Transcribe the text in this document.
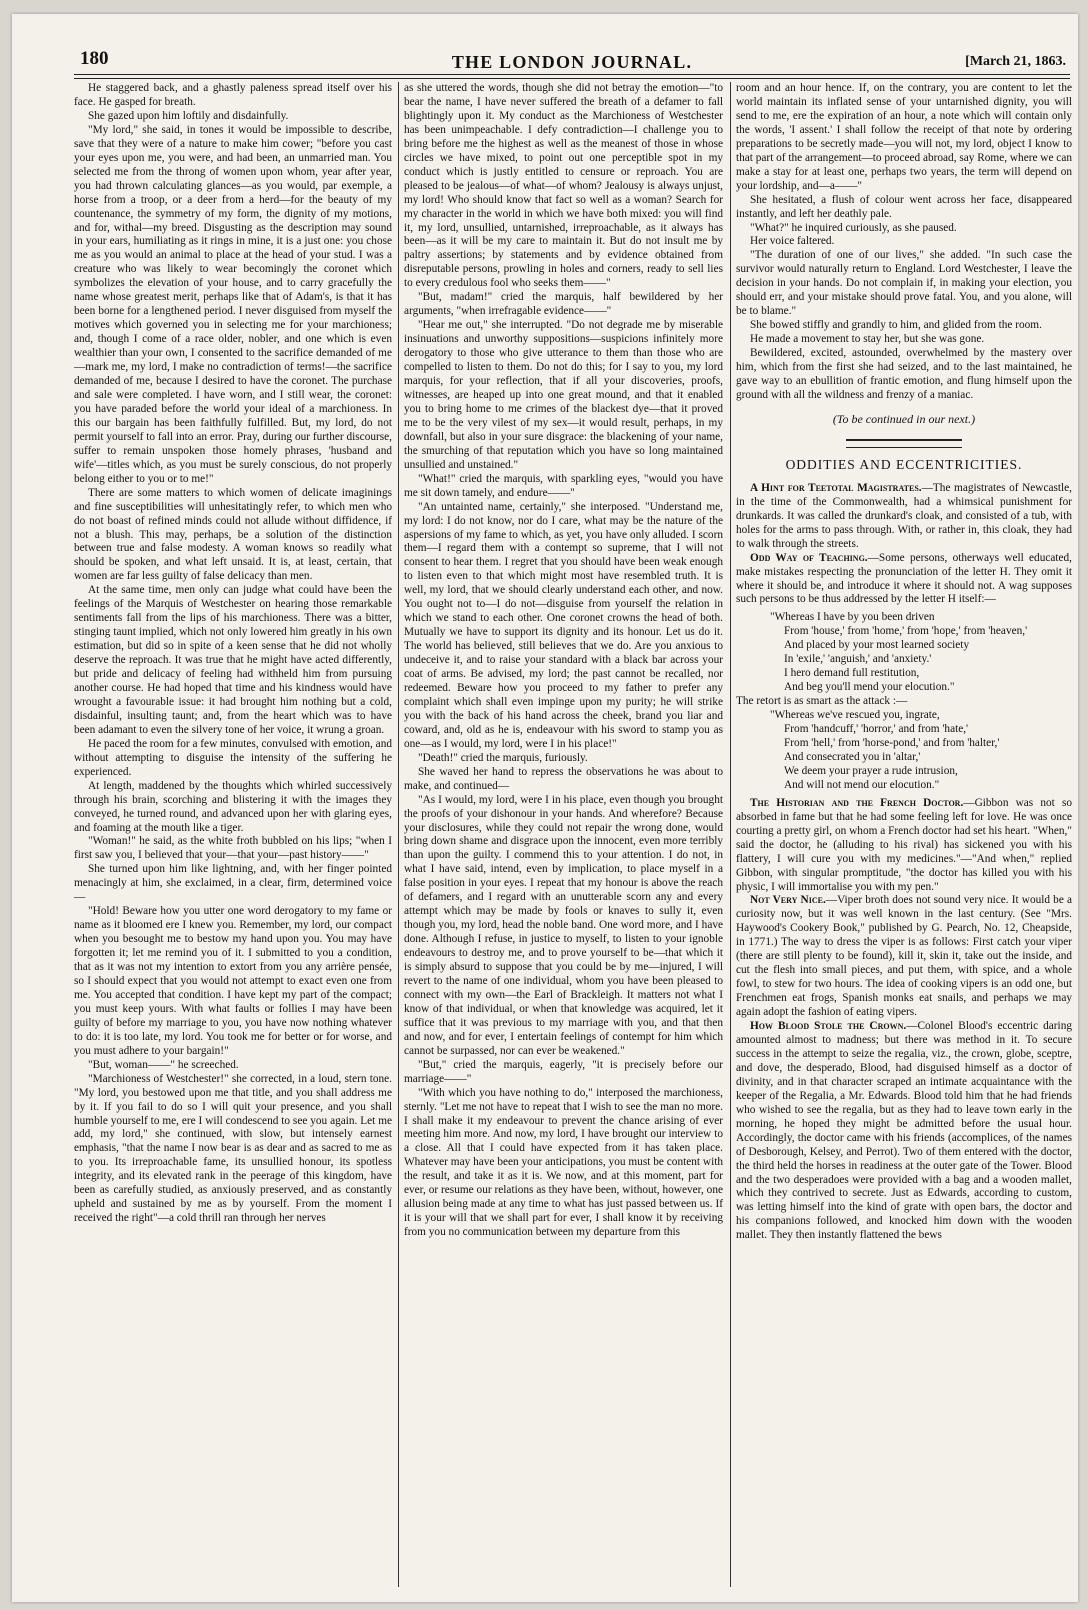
180	THE LONDON JOURNAL.	[March 21, 1863.

He staggered back, and a ghastly paleness spread itself over his face. He gasped for breath.

She gazed upon him loftily and disdainfully.

"My lord," she said, in tones it would be impossible to describe, save that they were of a nature to make him cower; "before you cast your eyes upon me, you were, and had been, an unmarried man. You selected me from the throng of women upon whom, year after year, you had thrown calculating glances—as you would, par exemple, a horse from a troop, or a deer from a herd—for the beauty of my countenance, the symmetry of my form, the dignity of my motions, and for, withal—my breed. Disgusting as the description may sound in your ears, humiliating as it rings in mine, it is a just one: you chose me as you would an animal to place at the head of your stud. I was a creature who was likely to wear becomingly the coronet which symbolizes the elevation of your house, and to carry gracefully the name whose greatest merit, perhaps like that of Adam's, is that it has been borne for a lengthened period. I never disguised from myself the motives which governed you in selecting me for your marchioness; and, though I come of a race older, nobler, and one which is even wealthier than your own, I consented to the sacrifice demanded of me—mark me, my lord, I make no contradiction of terms!—the sacrifice demanded of me, because I desired to have the coronet. The purchase and sale were completed. I have worn, and I still wear, the coronet: you have paraded before the world your ideal of a marchioness. In this our bargain has been faithfully fulfilled. But, my lord, do not permit yourself to fall into an error. Pray, during our further discourse, suffer to remain unspoken those homely phrases, 'husband and wife'—titles which, as you must be surely conscious, do not properly belong either to you or to me!"

There are some matters to which women of delicate imaginings and fine susceptibilities will unhesitatingly refer, to which men who do not boast of refined minds could not allude without diffidence, if not a blush. This may, perhaps, be a solution of the distinction between true and false modesty. A woman knows so readily what should be spoken, and what left unsaid. It is, at least, certain, that women are far less guilty of false delicacy than men.

At the same time, men only can judge what could have been the feelings of the Marquis of Westchester on hearing those remarkable sentiments fall from the lips of his marchioness. There was a bitter, stinging taunt implied, which not only lowered him greatly in his own estimation, but did so in spite of a keen sense that he did not wholly deserve the reproach. It was true that he might have acted differently, but pride and delicacy of feeling had withheld him from pursuing another course. He had hoped that time and his kindness would have wrought a favourable issue: it had brought him nothing but a cold, disdainful, insulting taunt; and, from the heart which was to have been adamant to even the silvery tone of her voice, it wrung a groan.

He paced the room for a few minutes, convulsed with emotion, and without attempting to disguise the intensity of the suffering he experienced.

At length, maddened by the thoughts which whirled successively through his brain, scorching and blistering it with the images they conveyed, he turned round, and advanced upon her with glaring eyes, and foaming at the mouth like a tiger.

"Woman!" he said, as the white froth bubbled on his lips; "when I first saw you, I believed that your—that your—past history——"

She turned upon him like lightning, and, with her finger pointed menacingly at him, she exclaimed, in a clear, firm, determined voice—

"Hold! Beware how you utter one word derogatory to my fame or name as it bloomed ere I knew you. Remember, my lord, our compact when you besought me to bestow my hand upon you. You may have forgotten it; let me remind you of it. I submitted to you a condition, that as it was not my intention to extort from you any arrière pensée, so I should expect that you would not attempt to exact even one from me. You accepted that condition. I have kept my part of the compact; you must keep yours. With what faults or follies I may have been guilty of before my marriage to you, you have now nothing whatever to do: it is too late, my lord. You took me for better or for worse, and you must adhere to your bargain!"

"But, woman——" he screeched.

"Marchioness of Westchester!" she corrected, in a loud, stern tone. "My lord, you bestowed upon me that title, and you shall address me by it. If you fail to do so I will quit your presence, and you shall humble yourself to me, ere I will condescend to see you again. Let me add, my lord," she continued, with slow, but intensely earnest emphasis, "that the name I now bear is as dear and as sacred to me as to you. Its irreproachable fame, its unsullied honour, its spotless integrity, and its elevated rank in the peerage of this kingdom, have been as carefully studied, as anxiously preserved, and as constantly upheld and sustained by me as by yourself. From the moment I received the right"—a cold thrill ran through her nerves

as she uttered the words, though she did not betray the emotion—"to bear the name, I have never suffered the breath of a defamer to fall blightingly upon it. My conduct as the Marchioness of Westchester has been unimpeachable. I defy contradiction—I challenge you to bring before me the highest as well as the meanest of those in whose circles we have mixed, to point out one perceptible spot in my conduct which is justly entitled to censure or reproach. You are pleased to be jealous—of what—of whom? Jealousy is always unjust, my lord! Who should know that fact so well as a woman? Search for my character in the world in which we have both mixed: you will find it, my lord, unsullied, untarnished, irreproachable, as it always has been—as it will be my care to maintain it. But do not insult me by paltry assertions; by statements and by evidence obtained from disreputable persons, prowling in holes and corners, ready to sell lies to every credulous fool who seeks them——"

"But, madam!" cried the marquis, half bewildered by her arguments, "when irrefragable evidence——"

"Hear me out," she interrupted. "Do not degrade me by miserable insinuations and unworthy suppositions—suspicions infinitely more derogatory to those who give utterance to them than those who are compelled to listen to them. Do not do this; for I say to you, my lord marquis, for your reflection, that if all your discoveries, proofs, witnesses, are heaped up into one great mound, and that it enabled you to bring home to me crimes of the blackest dye—that it proved me to be the very vilest of my sex—it would result, perhaps, in my downfall, but also in your sure disgrace: the blackening of your name, the smurching of that reputation which you have so long maintained unsullied and unstained."

"What!" cried the marquis, with sparkling eyes, "would you have me sit down tamely, and endure——"

"An untainted name, certainly," she interposed. "Understand me, my lord: I do not know, nor do I care, what may be the nature of the aspersions of my fame to which, as yet, you have only alluded. I scorn them—I regard them with a contempt so supreme, that I will not consent to hear them. I regret that you should have been weak enough to listen even to that which might most have resembled truth. It is well, my lord, that we should clearly understand each other, and now. You ought not to—I do not—disguise from yourself the relation in which we stand to each other. One coronet crowns the head of both. Mutually we have to support its dignity and its honour. Let us do it. The world has believed, still believes that we do. Are you anxious to undeceive it, and to raise your standard with a black bar across your coat of arms. Be advised, my lord; the past cannot be recalled, nor redeemed. Beware how you proceed to my father to prefer any complaint which shall even impinge upon my purity; he will strike you with the back of his hand across the cheek, brand you liar and coward, and, old as he is, endeavour with his sword to stamp you as one—as I would, my lord, were I in his place!"

"Death!" cried the marquis, furiously.

She waved her hand to repress the observations he was about to make, and continued—

"As I would, my lord, were I in his place, even though you brought the proofs of your dishonour in your hands. And wherefore? Because your disclosures, while they could not repair the wrong done, would bring down shame and disgrace upon the innocent, even more terribly than upon the guilty. I commend this to your attention. I do not, in what I have said, intend, even by implication, to place myself in a false position in your eyes. I repeat that my honour is above the reach of defamers, and I regard with an unutterable scorn any and every attempt which may be made by fools or knaves to sully it, even though you, my lord, head the noble band. One word more, and I have done. Although I refuse, in justice to myself, to listen to your ignoble endeavours to destroy me, and to prove yourself to be—that which it is simply absurd to suppose that you could be by me—injured, I will revert to the name of one individual, whom you have been pleased to connect with my own—the Earl of Brackleigh. It matters not what I know of that individual, or when that knowledge was acquired, let it suffice that it was previous to my marriage with you, and that then and now, and for ever, I entertain feelings of contempt for him which cannot be surpassed, nor can ever be weakened."

"But," cried the marquis, eagerly, "it is precisely before our marriage——"

"With which you have nothing to do," interposed the marchioness, sternly. "Let me not have to repeat that I wish to see the man no more. I shall make it my endeavour to prevent the chance arising of ever meeting him more. And now, my lord, I have brought our interview to a close. All that I could have expected from it has taken place. Whatever may have been your anticipations, you must be content with the result, and take it as it is. We now, and at this moment, part for ever, or resume our relations as they have been, without, however, one allusion being made at any time to what has just passed between us. If it is your will that we shall part for ever, I shall know it by receiving from you no communication between my departure from this

room and an hour hence. If, on the contrary, you are content to let the world maintain its inflated sense of your untarnished dignity, you will send to me, ere the expiration of an hour, a note which will contain only the words, 'I assent.' I shall follow the receipt of that note by ordering preparations to be secretly made—you will not, my lord, object I know to that part of the arrangement—to proceed abroad, say Rome, where we can make a stay for at least one, perhaps two years, the term will depend on your lordship, and—a——"

She hesitated, a flush of colour went across her face, disappeared instantly, and left her deathly pale.

"What?" he inquired curiously, as she paused.

Her voice faltered.

"The duration of one of our lives," she added. "In such case the survivor would naturally return to England. Lord Westchester, I leave the decision in your hands. Do not complain if, in making your election, you should err, and your mistake should prove fatal. You, and you alone, will be to blame."

She bowed stiffly and grandly to him, and glided from the room.

He made a movement to stay her, but she was gone.

Bewildered, excited, astounded, overwhelmed by the mastery over him, which from the first she had seized, and to the last maintained, he gave way to an ebullition of frantic emotion, and flung himself upon the ground with all the wildness and frenzy of a maniac.

(To be continued in our next.)
ODDITIES AND ECCENTRICITIES.

A Hint for Teetotal Magistrates.—The magistrates of Newcastle, in the time of the Commonwealth, had a whimsical punishment for drunkards. It was called the drunkard's cloak, and consisted of a tub, with holes for the arms to pass through. With, or rather in, this cloak, they had to walk through the streets.

Odd Way of Teaching.—Some persons, otherways well educated, make mistakes respecting the pronunciation of the letter H. They omit it where it should be, and introduce it where it should not. A wag supposes such persons to be thus addressed by the letter H itself:—

"Whereas I have by you been driven

From 'house,' from 'home,' from 'hope,' from 'heaven,'

And placed by your most learned society

In 'exile,' 'anguish,' and 'anxiety.'

I hero demand full restitution,

And beg you'll mend your elocution."

The retort is as smart as the attack :—

"Whereas we've rescued you, ingrate,

From 'handcuff,' 'horror,' and from 'hate,'

From 'hell,' from 'horse-pond,' and from 'halter,'

And consecrated you in 'altar,'

We deem your prayer a rude intrusion,

And will not mend our elocution."

The Historian and the French Doctor.—Gibbon was not so absorbed in fame but that he had some feeling left for love. He was once courting a pretty girl, on whom a French doctor had set his heart. "When," said the doctor, he (alluding to his rival) has sickened you with his flattery, I will cure you with my medicines."—"And when," replied Gibbon, with singular promptitude, "the doctor has killed you with his physic, I will immortalise you with my pen."

Not Very Nice.—Viper broth does not sound very nice. It would be a curiosity now, but it was well known in the last century. (See "Mrs. Haywood's Cookery Book," published by G. Pearch, No. 12, Cheapside, in 1771.) The way to dress the viper is as follows: First catch your viper (there are still plenty to be found), kill it, skin it, take out the inside, and cut the flesh into small pieces, and put them, with spice, and a whole fowl, to stew for two hours. The idea of cooking vipers is an odd one, but Frenchmen eat frogs, Spanish monks eat snails, and perhaps we may again adopt the fashion of eating vipers.

How Blood Stole the Crown.—Colonel Blood's eccentric daring amounted almost to madness; but there was method in it. To secure success in the attempt to seize the regalia, viz., the crown, globe, sceptre, and dove, the desperado, Blood, had disguised himself as a doctor of divinity, and in that character scraped an intimate acquaintance with the keeper of the Regalia, a Mr. Edwards. Blood told him that he had friends who wished to see the regalia, but as they had to leave town early in the morning, he hoped they might be admitted before the usual hour. Accordingly, the doctor came with his friends (accomplices, of the names of Desborough, Kelsey, and Perrot). Two of them entered with the doctor, the third held the horses in readiness at the outer gate of the Tower. Blood and the two desperadoes were provided with a bag and a wooden mallet, which they contrived to secrete. Just as Edwards, according to custom, was letting himself into the kind of grate with open bars, the doctor and his companions followed, and knocked him down with the wooden mallet. They then instantly flattened the bews
